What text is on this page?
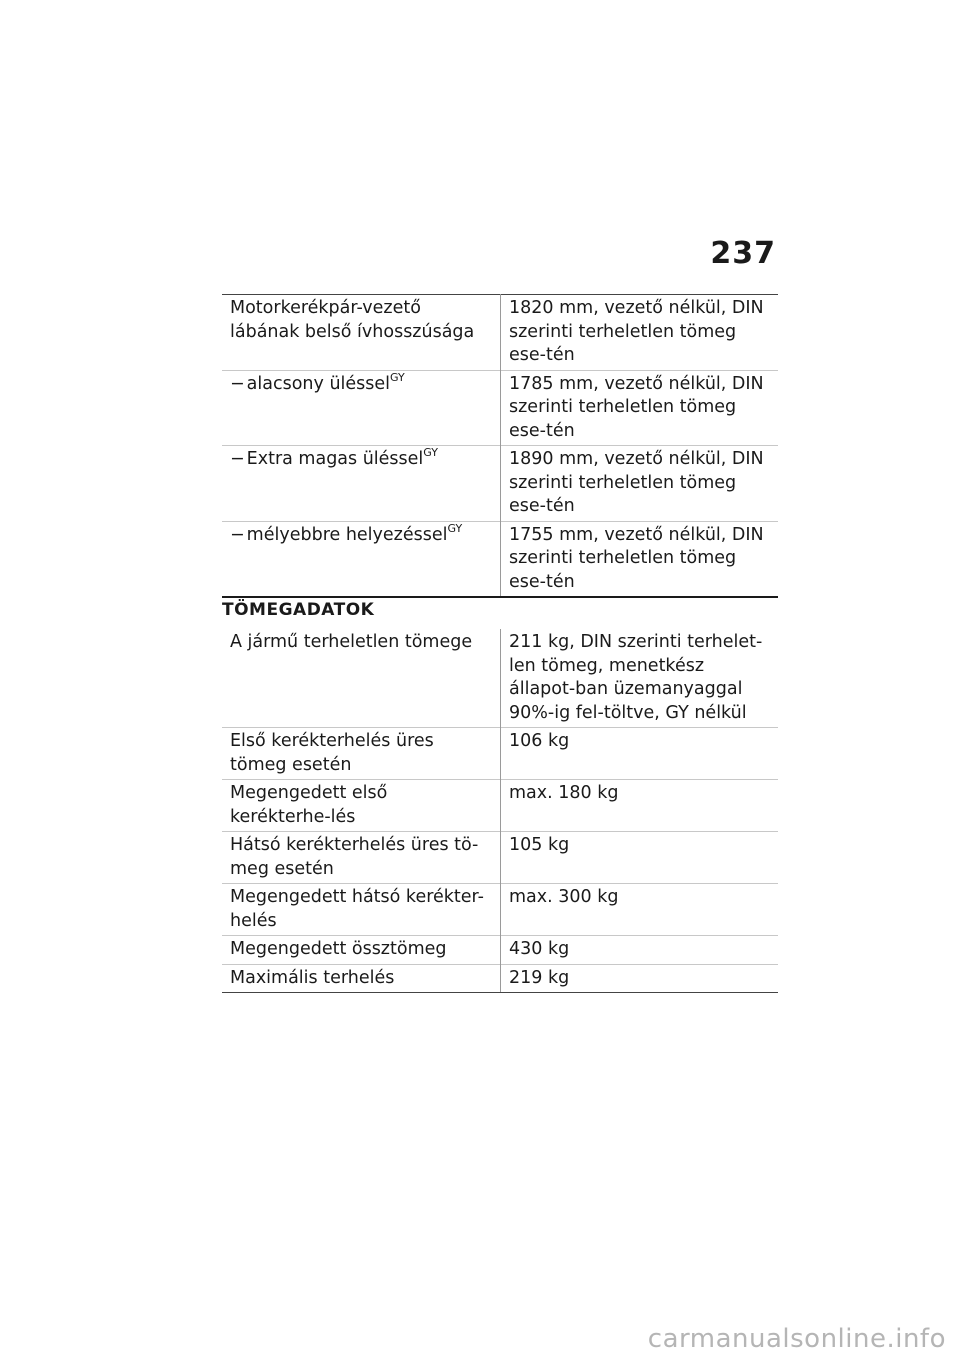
237
Motorkerékpár-vezető lábának belső ívhosszúsága	1820 mm, vezető nélkül, DIN szerinti terheletlen tömeg ese-tén
− alacsony üléssel$^{GY}$	1785 mm, vezető nélkül, DIN szerinti terheletlen tömeg ese-tén
− Extra magas üléssel$^{GY}$	1890 mm, vezető nélkül, DIN szerinti terheletlen tömeg ese-tén
− mélyebbre helyezéssel$^{GY}$	1755 mm, vezető nélkül, DIN szerinti terheletlen tömeg ese-tén
TÖMEGADATOK
A jármű terheletlen tömege	211 kg, DIN szerinti terhelet-len tömeg, menetkész állapot-ban üzemanyaggal 90%-ig fel-töltve, GY nélkül
Első kerékterhelés üres tömeg esetén	106 kg
Megengedett első kerékterhe-lés	max. 180 kg
Hátsó kerékterhelés üres tö-meg esetén	105 kg
Megengedett hátsó kerékter-helés	max. 300 kg
Megengedett össztömeg	430 kg
Maximális terhelés	219 kg
carmanualsonline.info
